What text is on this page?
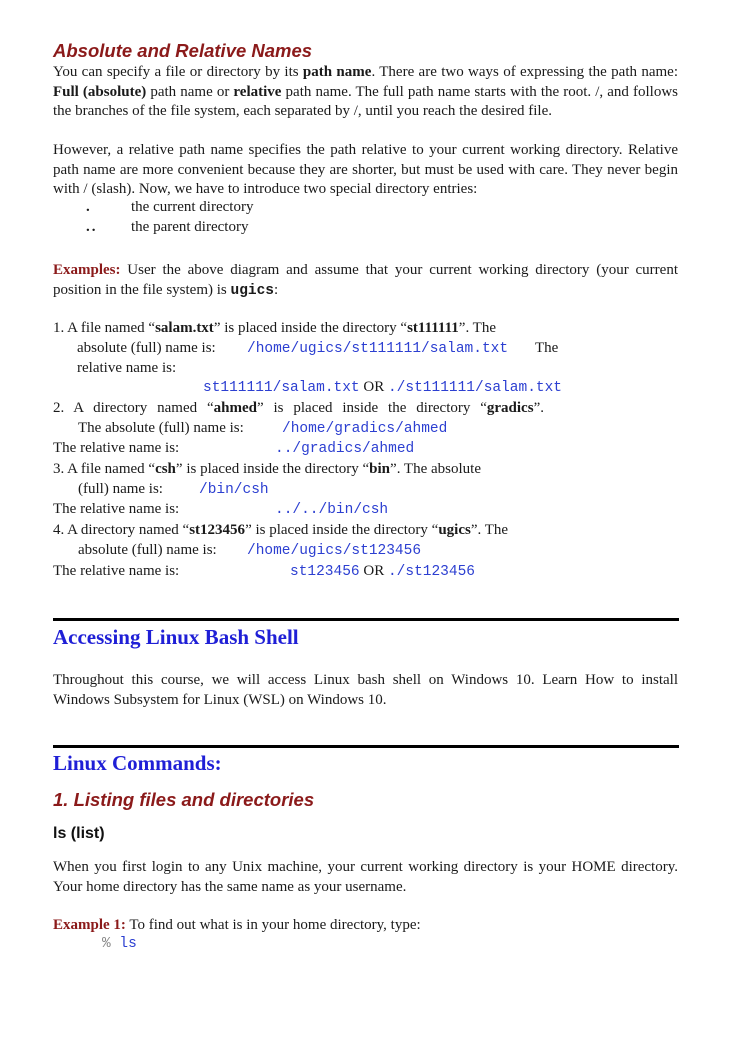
Absolute and Relative Names
You can specify a file or directory by its path name. There are two ways of expressing the path name: Full (absolute) path name or relative path name. The full path name starts with the root. /, and follows the branches of the file system, each separated by /, until you reach the desired file.
However, a relative path name specifies the path relative to your current working directory. Relative path name are more convenient because they are shorter, but must be used with care. They never begin with / (slash). Now, we have to introduce two special directory entries:
.	the current directory
.. the parent directory
Examples: User the above diagram and assume that your current working directory (your current position in the file system) is ugics:
1. A file named “salam.txt” is placed inside the directory “st111111”. The
absolute (full) name is: /home/ugics/st111111/salam.txt The
relative name is:
st111111/salam.txt OR ./st111111/salam.txt
2. A directory named “ahmed” is placed inside the directory “gradics”.
The absolute (full) name is:	/home/gradics/ahmed
The relative name is:	../gradics/ahmed
3. A file named “csh” is placed inside the directory “bin”. The absolute
(full) name is: /bin/csh
The relative name is:	../../bin/csh
4. A directory named “st123456” is placed inside the directory “ugics”. The
absolute (full) name is: /home/ugics/st123456
The relative name is:	st123456 OR ./st123456
Accessing Linux Bash Shell
Throughout this course, we will access Linux bash shell on Windows 10. Learn How to install Windows Subsystem for Linux (WSL) on Windows 10.
Linux Commands:
1. Listing files and directories
ls (list)
When you first login to any Unix machine, your current working directory is your HOME directory. Your home directory has the same name as your username.
Example 1: To find out what is in your home directory, type:
% ls
